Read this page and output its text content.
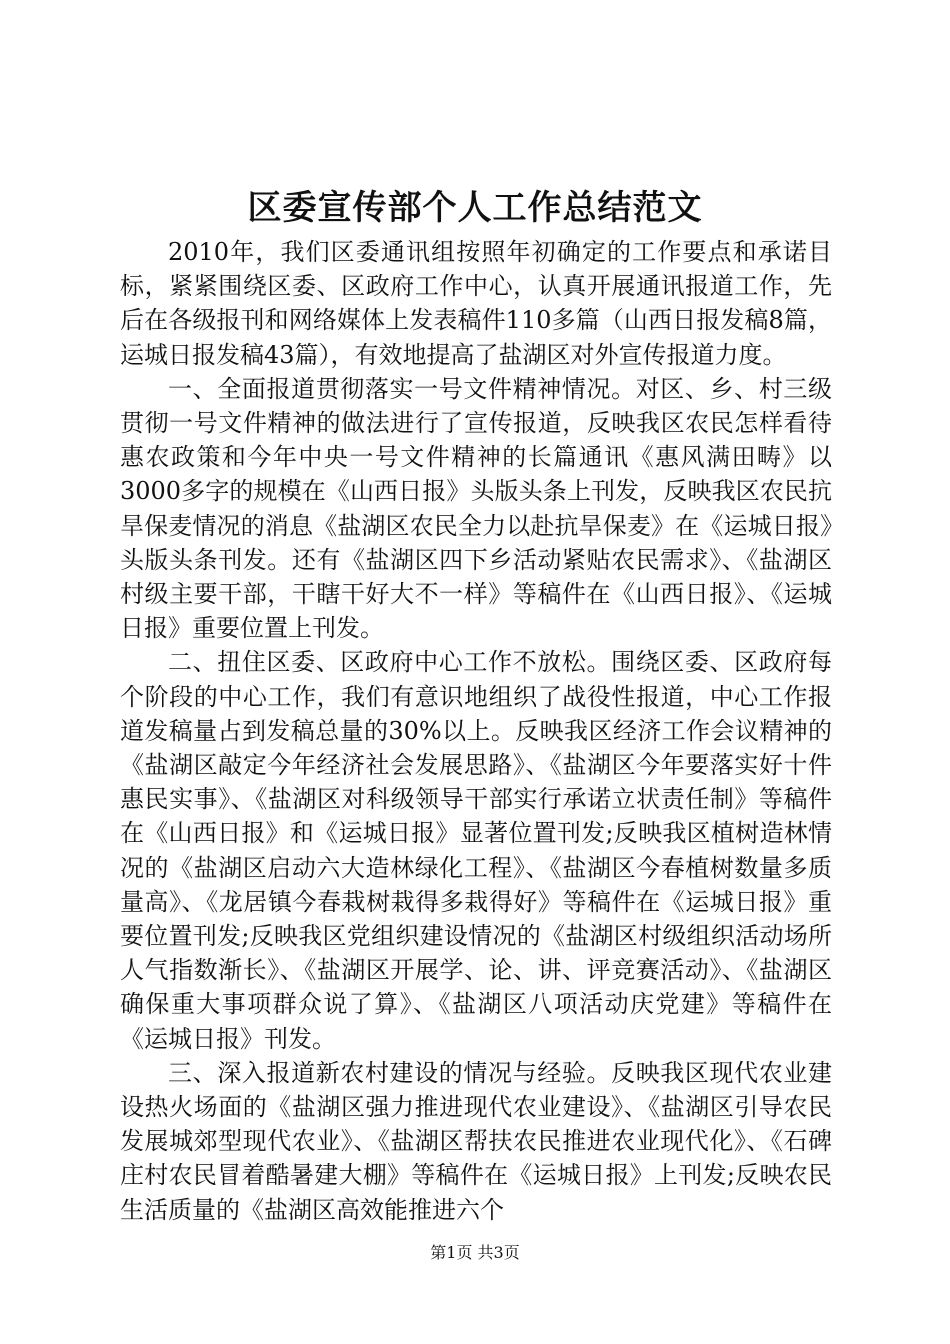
区委宣传部个人工作总结范文

2010年，我们区委通讯组按照年初确定的工作要点和承诺目标，紧紧围绕区委、区政府工作中心，认真开展通讯报道工作，先后在各级报刊和网络媒体上发表稿件110多篇（山西日报发稿8篇，运城日报发稿43篇），有效地提高了盐湖区对外宣传报道力度。

一、全面报道贯彻落实一号文件精神情况。对区、乡、村三级贯彻一号文件精神的做法进行了宣传报道，反映我区农民怎样看待惠农政策和今年中央一号文件精神的长篇通讯《惠风满田畴》以3000多字的规模在《山西日报》头版头条上刊发，反映我区农民抗旱保麦情况的消息《盐湖区农民全力以赴抗旱保麦》在《运城日报》头版头条刊发。还有《盐湖区四下乡活动紧贴农民需求》、《盐湖区村级主要干部，干瞎干好大不一样》等稿件在《山西日报》、《运城日报》重要位置上刊发。

二、扭住区委、区政府中心工作不放松。围绕区委、区政府每个阶段的中心工作，我们有意识地组织了战役性报道，中心工作报道发稿量占到发稿总量的30%以上。反映我区经济工作会议精神的《盐湖区敲定今年经济社会发展思路》、《盐湖区今年要落实好十件惠民实事》、《盐湖区对科级领导干部实行承诺立状责任制》等稿件在《山西日报》和《运城日报》显著位置刊发;反映我区植树造林情况的《盐湖区启动六大造林绿化工程》、《盐湖区今春植树数量多质量高》、《龙居镇今春栽树栽得多栽得好》等稿件在《运城日报》重要位置刊发;反映我区党组织建设情况的《盐湖区村级组织活动场所人气指数渐长》、《盐湖区开展学、论、讲、评竞赛活动》、《盐湖区确保重大事项群众说了算》、《盐湖区八项活动庆党建》等稿件在《运城日报》刊发。

三、深入报道新农村建设的情况与经验。反映我区现代农业建设热火场面的《盐湖区强力推进现代农业建设》、《盐湖区引导农民发展城郊型现代农业》、《盐湖区帮扶农民推进农业现代化》、《石碑庄村农民冒着酷暑建大棚》等稿件在《运城日报》上刊发;反映农民生活质量的《盐湖区高效能推进六个

第1页 共3页
